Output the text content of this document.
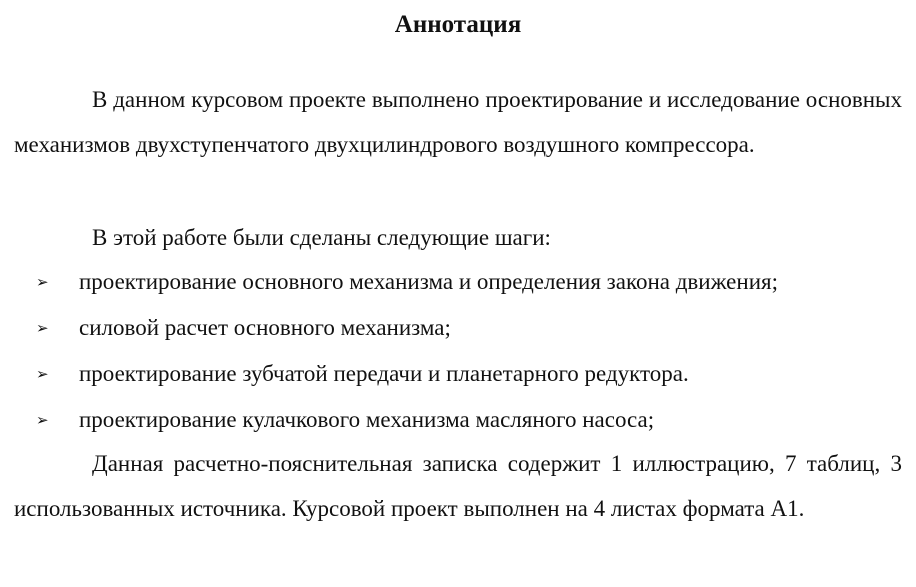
Аннотация

В данном курсовом проекте выполнено проектирование и исследование основных механизмов двухступенчатого двухцилиндрового воздушного компрессора.

В этой работе были сделаны следующие шаги:

➢ проектирование основного механизма и определения закона движения;
➢ силовой расчет основного механизма;
➢ проектирование зубчатой передачи и планетарного редуктора.
➢ проектирование кулачкового механизма масляного насоса;

Данная расчетно-пояснительная записка содержит 1 иллюстрацию, 7 таблиц, 3 использованных источника. Курсовой проект выполнен на 4 листах формата А1.
